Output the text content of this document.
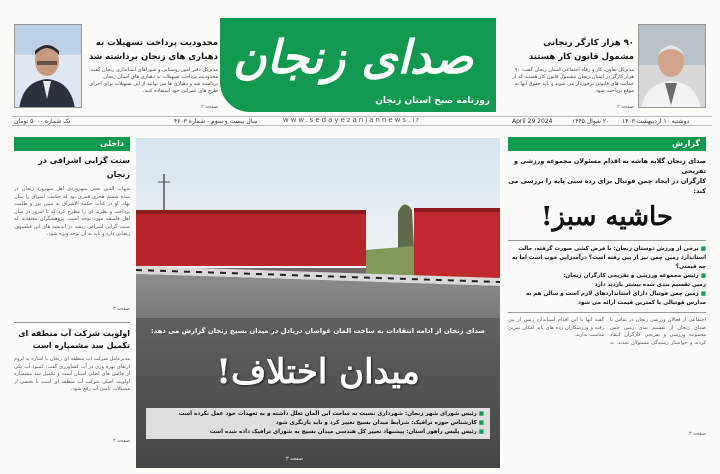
صدای زنجان
روزنامه صبح استان زنجان
www.sedayezanjannews.ir
محدودیت پرداخت تسهیلات به
دهیاری های زنجان برداشته شد
مدیرکل دفتر امور روستایی و شوراهای استانداری زنجان گفت: محدودیت پرداخت تسهیلات به دهیاری های استان زنجان برداشته شد و دهیاری ها می توانند از این تسهیلات برای اجرای طرح های عمرانی خود استفاده کنند.
صفحه ۲
۹۰ هزار کارگر زنجانی
مشمول قانون کار هستند
مدیرکل تعاون، کار و رفاه اجتماعی استان زنجان گفت: ۹۰ هزار کارگر در استان زنجان مشمول قانون کار هستند که از حمایت های قانونی برخوردار می شوند و باید حقوق آنها به موقع پرداخت شود.
صفحه ۲
تک شماره ۵۰۰۰ تومان	سال بیست و سوم - شماره ۴۶۰۳	April 29 2024	۲۰ شوال ۱۴۴۵ دوشنبه ۱۰ اردیبهشت ۱۴۰۳
داخلی
سنت گرایی اشرافی در زنجان
شهاب الدین یحیی سهروردی اهل سهرورد زنجان در سده ششم هجری قمری بود که حکمت اشراق را بنیان نهاد. او در کتاب حکمه الاشراق به تبیین نور و ظلمت پرداخت و نظریه ای را مطرح کرد که تا امروز در میان اهل فلسفه مورد توجه است. پژوهشگران معتقدند که سنت گرایی اشرافی ریشه در اندیشه های این فیلسوف زنجانی دارد و باید به آن توجه ویژه شود.
صفحه ۳
اولویت شرکت آب منطقه ای
تکمیل سد مشمپاره است
مدیرعامل شرکت آب منطقه ای زنجان با اشاره به لزوم ارتقای بهره وری در آب کشاورزی گفت: کمبود آب یکی از چالش های اصلی استان است و تکمیل سد مشمپاره اولویت اصلی شرکت آب منطقه ای است تا بخشی از مشکلات تامین آب رفع شود.
صفحه ۲
صدای زنجان از ادامه انتقادات به ساخت المان غواصان دریادل در میدان بسیج زنجان گزارش می دهد:
میدان اختلاف!
■ رئیس شورای شهر زنجان: شهرداری نسبت به ساخت این المان تعلل داشته و به تعهدات خود عمل نکرده است
■ کارشناس حوزه ترافیک: شرایط میدان بسیج تغییر کرد و باید بازنگری شود
■ رئیس پلیس راهور استان: پیشنهاد تغییر کل هندسی میدان بسیج به شورای ترافیک داده شده است
صفحه ۳
گزارش
صدای زنجان گلایه هاشه به اقدام مسئولان مجموعه ورزشی و تفریحی
کارگران در ایجاد چمن فوتبال برای رده سنی پایه را بررسی می کند:
حاشیه سبز!
■ برخی از ورزش دوستان زنجان: با فرض کشی صورت گرفته، حالت استاندارد زمین چمن نیز از بین رفته است؟ درآمدزایی خوب است اما به چه قیمتی؟
■ رئیس مجموعه ورزشی و تفریحی کارگران زنجان:
زمین تقسیم بندی شده بیشتر بازدید دارد
■ زمین چمن فوتبال دارای استانداردهای لازم است و سالن هم به مدارس فوتبالی با کمترین قیمت ارائه می شود
اجتماعی از فعالان ورزشی زنجان در تماس با صدای زنجان از تقسیم بندی زمین چمن مجموعه ورزشی و تفریحی کارگران انتقاد کردند و خواستار رسیدگی مسئولان شدند. به گفته آنها با این اقدام استاندارد زمین از بین رفته و ورزشکاران رده های پایه امکان تمرین مناسب ندارند.
صفحه ۳
